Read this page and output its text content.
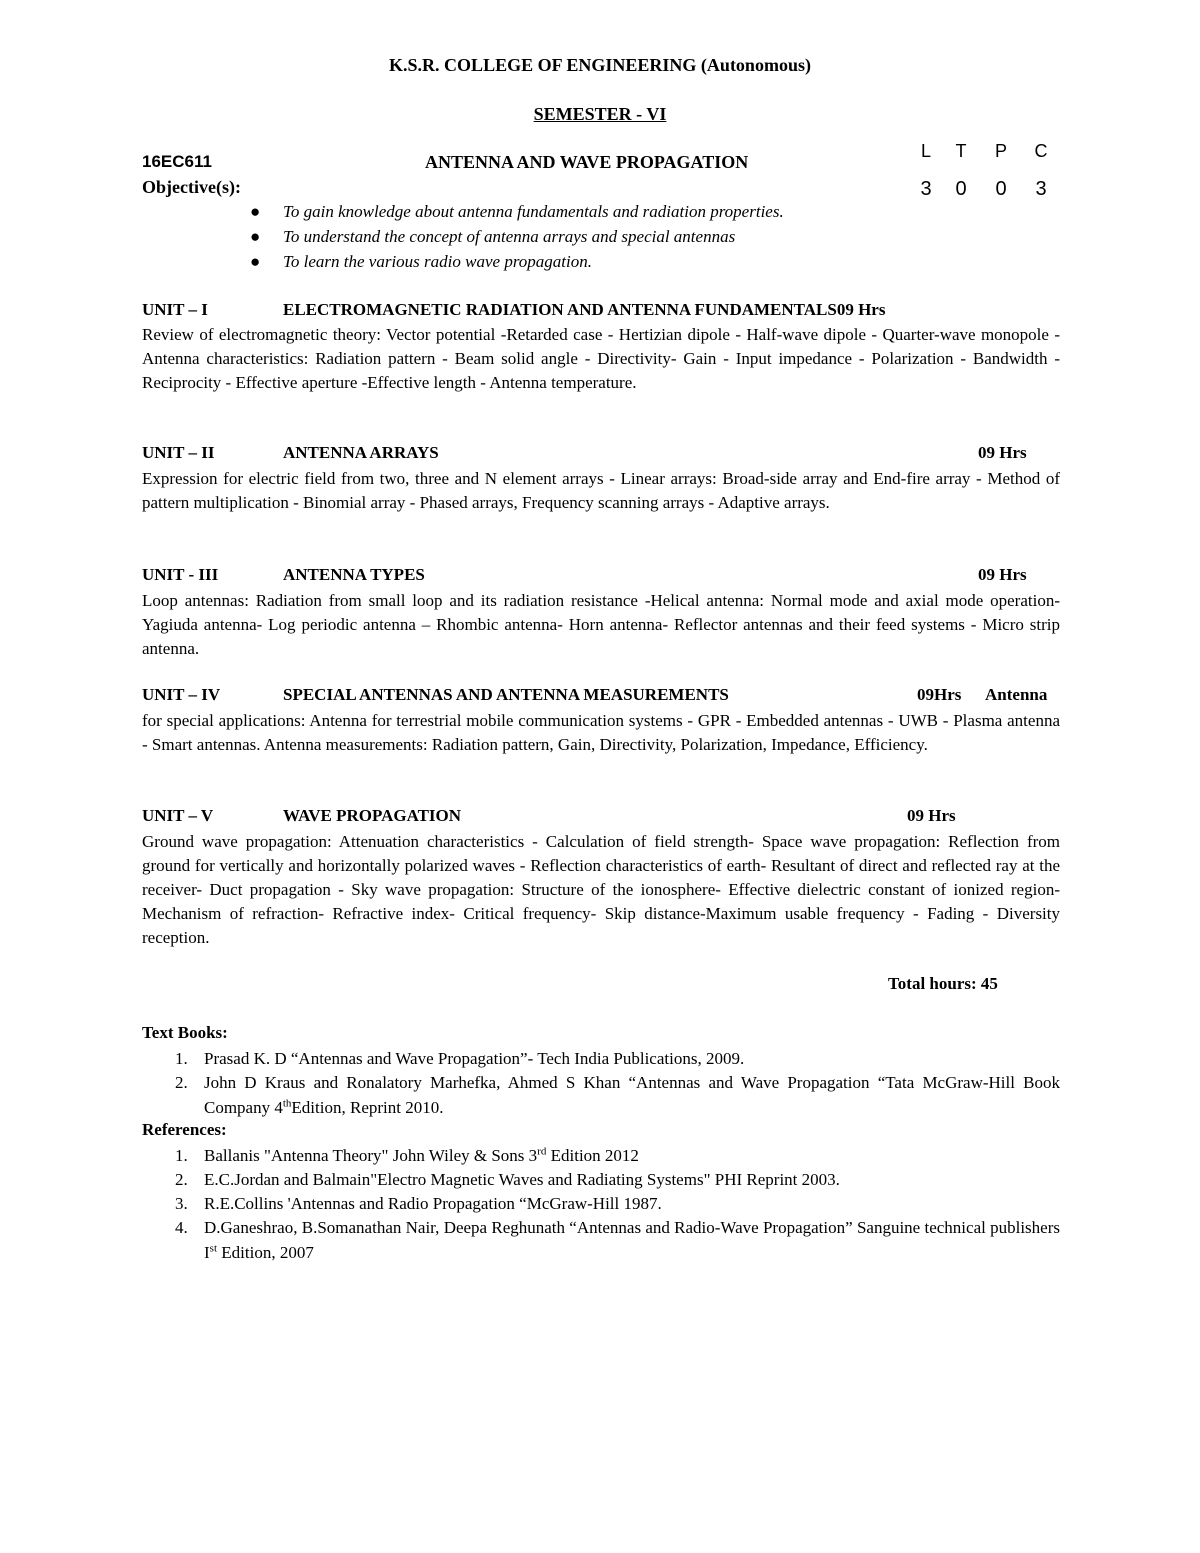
K.S.R. COLLEGE OF ENGINEERING (Autonomous)
SEMESTER - VI
16EC611	ANTENNA AND WAVE PROPAGATION
L	T	P	C
3	0	0	3
Objective(s):
● To gain knowledge about antenna fundamentals and radiation properties.
● To understand the concept of antenna arrays and special antennas
● To learn the various radio wave propagation.
UNIT – I	ELECTROMAGNETIC RADIATION AND ANTENNA FUNDAMENTALS09 Hrs
Review of electromagnetic theory: Vector potential -Retarded case - Hertizian dipole - Half-wave dipole - Quarter-wave monopole - Antenna characteristics: Radiation pattern - Beam solid angle - Directivity- Gain - Input impedance - Polarization - Bandwidth - Reciprocity - Effective aperture -Effective length - Antenna temperature.
UNIT – II	ANTENNA ARRAYS	09 Hrs
Expression for electric field from two, three and N element arrays - Linear arrays: Broad-side array and End-fire array - Method of pattern multiplication - Binomial array - Phased arrays, Frequency scanning arrays - Adaptive arrays.
UNIT - III	ANTENNA TYPES	09 Hrs
Loop antennas: Radiation from small loop and its radiation resistance -Helical antenna: Normal mode and axial mode operation-Yagiuda antenna- Log periodic antenna – Rhombic antenna- Horn antenna- Reflector antennas and their feed systems - Micro strip antenna.
UNIT – IV	SPECIAL ANTENNAS AND ANTENNA MEASUREMENTS	09Hrs Antenna
for special applications: Antenna for terrestrial mobile communication systems - GPR - Embedded antennas - UWB - Plasma antenna - Smart antennas. Antenna measurements: Radiation pattern, Gain, Directivity, Polarization, Impedance, Efficiency.
UNIT – V	WAVE PROPAGATION	09 Hrs
Ground wave propagation: Attenuation characteristics - Calculation of field strength- Space wave propagation: Reflection from ground for vertically and horizontally polarized waves - Reflection characteristics of earth- Resultant of direct and reflected ray at the receiver- Duct propagation - Sky wave propagation: Structure of the ionosphere- Effective dielectric constant of ionized region- Mechanism of refraction- Refractive index- Critical frequency- Skip distance-Maximum usable frequency - Fading - Diversity reception.
Total hours: 45
Text Books:
1. Prasad K. D “Antennas and Wave Propagation”- Tech India Publications, 2009.
2. John D Kraus and Ronalatory Marhefka, Ahmed S Khan “Antennas and Wave Propagation “Tata McGraw-Hill Book Company 4thEdition, Reprint 2010.
References:
1. Ballanis "Antenna Theory" John Wiley & Sons 3rd Edition 2012
2. E.C.Jordan and Balmain"Electro Magnetic Waves and Radiating Systems" PHI Reprint 2003.
3. R.E.Collins 'Antennas and Radio Propagation “McGraw-Hill 1987.
4. D.Ganeshrao, B.Somanathan Nair, Deepa Reghunath “Antennas and Radio-Wave Propagation” Sanguine technical publishers Ist Edition, 2007
